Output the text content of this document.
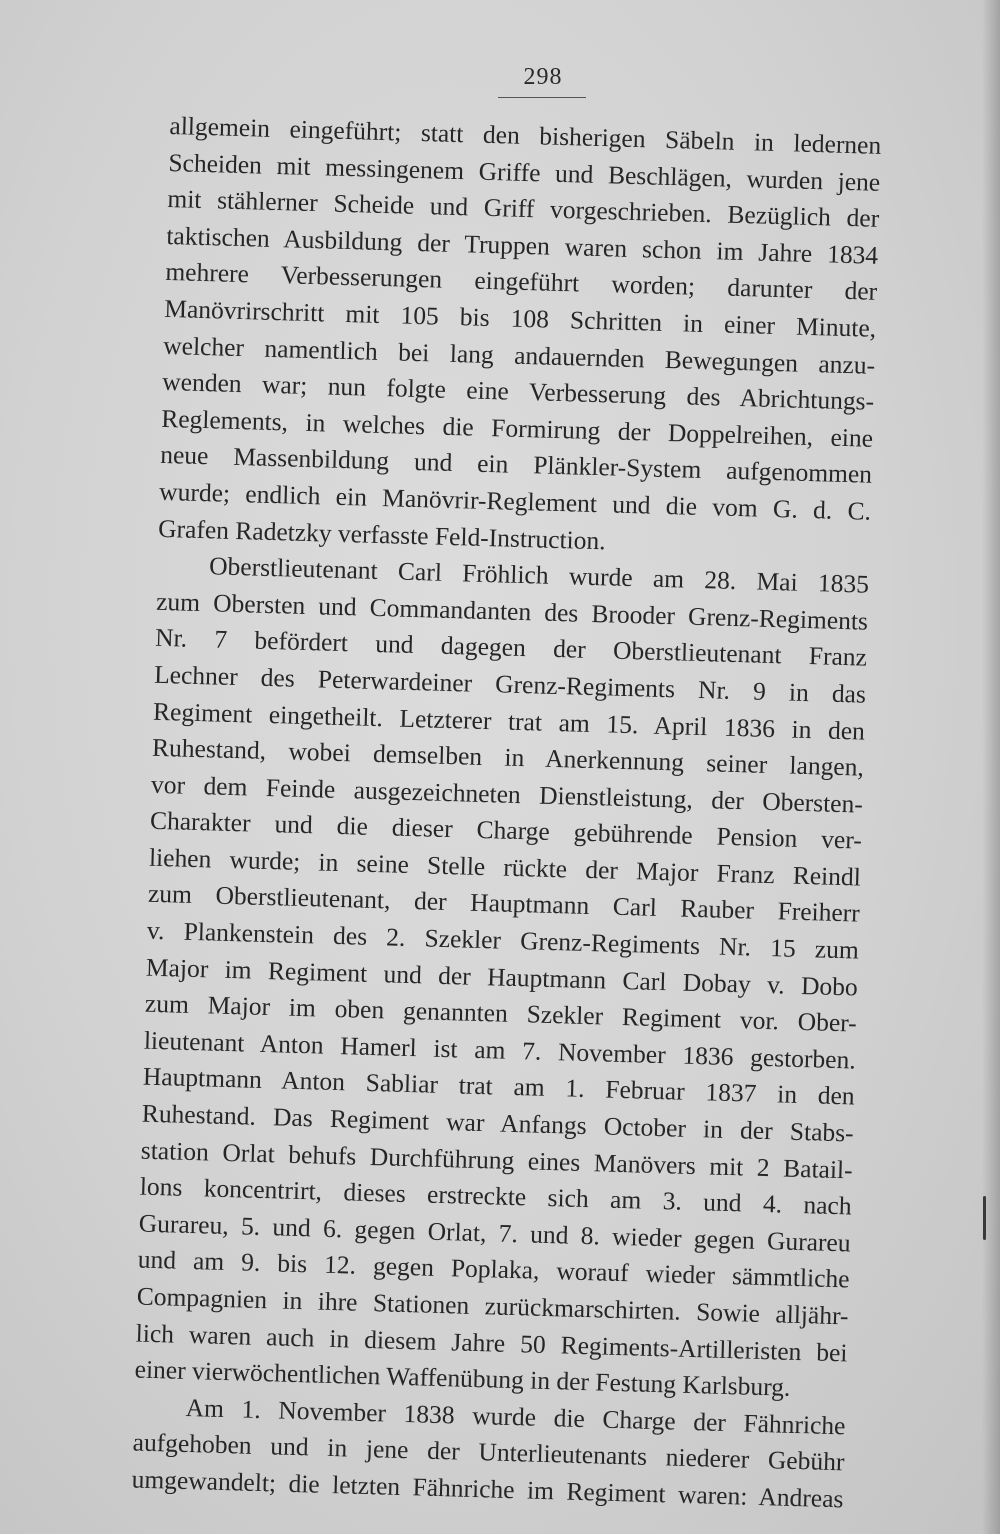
298
allgemein eingeführt; statt den bisherigen Säbeln in ledernen
Scheiden mit messingenem Griffe und Beschlägen, wurden jene
mit stählerner Scheide und Griff vorgeschrieben. Bezüglich der
taktischen Ausbildung der Truppen waren schon im Jahre 1834
mehrere Verbesserungen eingeführt worden; darunter der
Manövrirschritt mit 105 bis 108 Schritten in einer Minute,
welcher namentlich bei lang andauernden Bewegungen anzu-
wenden war; nun folgte eine Verbesserung des Abrichtungs-
Reglements, in welches die Formirung der Doppelreihen, eine
neue Massenbildung und ein Plänkler-System aufgenommen
wurde; endlich ein Manövrir-Reglement und die vom G. d. C.
Grafen Radetzky verfasste Feld-Instruction.
Oberstlieutenant Carl Fröhlich wurde am 28. Mai 1835
zum Obersten und Commandanten des Brooder Grenz-Regiments
Nr. 7 befördert und dagegen der Oberstlieutenant Franz
Lechner des Peterwardeiner Grenz-Regiments Nr. 9 in das
Regiment eingetheilt. Letzterer trat am 15. April 1836 in den
Ruhestand, wobei demselben in Anerkennung seiner langen,
vor dem Feinde ausgezeichneten Dienstleistung, der Obersten-
Charakter und die dieser Charge gebührende Pension ver-
liehen wurde; in seine Stelle rückte der Major Franz Reindl
zum Oberstlieutenant, der Hauptmann Carl Rauber Freiherr
v. Plankenstein des 2. Szekler Grenz-Regiments Nr. 15 zum
Major im Regiment und der Hauptmann Carl Dobay v. Dobo
zum Major im oben genannten Szekler Regiment vor. Ober-
lieutenant Anton Hamerl ist am 7. November 1836 gestorben.
Hauptmann Anton Sabliar trat am 1. Februar 1837 in den
Ruhestand. Das Regiment war Anfangs October in der Stabs-
station Orlat behufs Durchführung eines Manövers mit 2 Batail-
lons koncentrirt, dieses erstreckte sich am 3. und 4. nach
Gurareu, 5. und 6. gegen Orlat, 7. und 8. wieder gegen Gurareu
und am 9. bis 12. gegen Poplaka, worauf wieder sämmtliche
Compagnien in ihre Stationen zurückmarschirten. Sowie alljähr-
lich waren auch in diesem Jahre 50 Regiments-Artilleristen bei
einer vierwöchentlichen Waffenübung in der Festung Karlsburg.
Am 1. November 1838 wurde die Charge der Fähnriche
aufgehoben und in jene der Unterlieutenants niederer Gebühr
umgewandelt; die letzten Fähnriche im Regiment waren: Andreas
